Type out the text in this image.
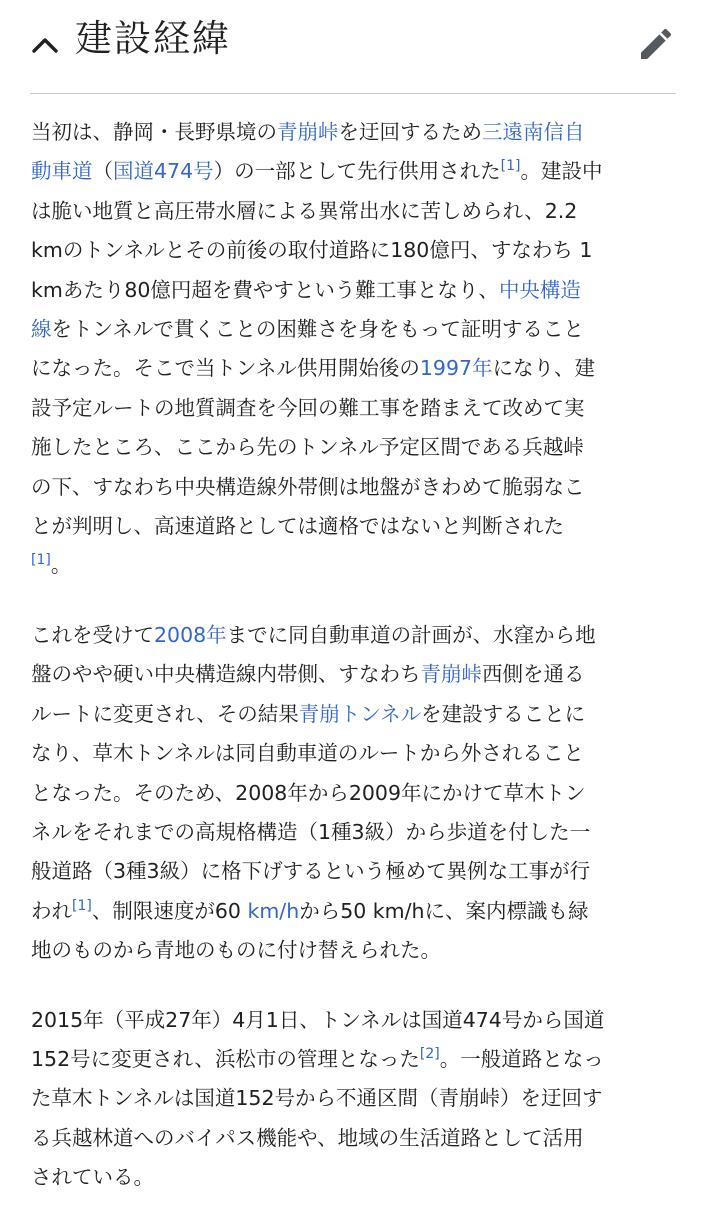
建設経緯

当初は、静岡・長野県境の青崩峠を迂回するため三遠南信自
動車道（国道474号）の一部として先行供用された[1]。建設中
は脆い地質と高圧帯水層による異常出水に苦しめられ、2.2
kmのトンネルとその前後の取付道路に180億円、すなわち 1
kmあたり80億円超を費やすという難工事となり、中央構造
線をトンネルで貫くことの困難さを身をもって証明すること
になった。そこで当トンネル供用開始後の1997年になり、建
設予定ルートの地質調査を今回の難工事を踏まえて改めて実
施したところ、ここから先のトンネル予定区間である兵越峠
の下、すなわち中央構造線外帯側は地盤がきわめて脆弱なこ
とが判明し、高速道路としては適格ではないと判断された
[1]。

これを受けて2008年までに同自動車道の計画が、水窪から地
盤のやや硬い中央構造線内帯側、すなわち青崩峠西側を通る
ルートに変更され、その結果青崩トンネルを建設することに
なり、草木トンネルは同自動車道のルートから外されること
となった。そのため、2008年から2009年にかけて草木トン
ネルをそれまでの高規格構造（1種3級）から歩道を付した一
般道路（3種3級）に格下げするという極めて異例な工事が行
われ[1]、制限速度が60 km/hから50 km/hに、案内標識も緑
地のものから青地のものに付け替えられた。

2015年（平成27年）4月1日、トンネルは国道474号から国道
152号に変更され、浜松市の管理となった[2]。一般道路となっ
た草木トンネルは国道152号から不通区間（青崩峠）を迂回す
る兵越林道へのバイパス機能や、地域の生活道路として活用
されている。
